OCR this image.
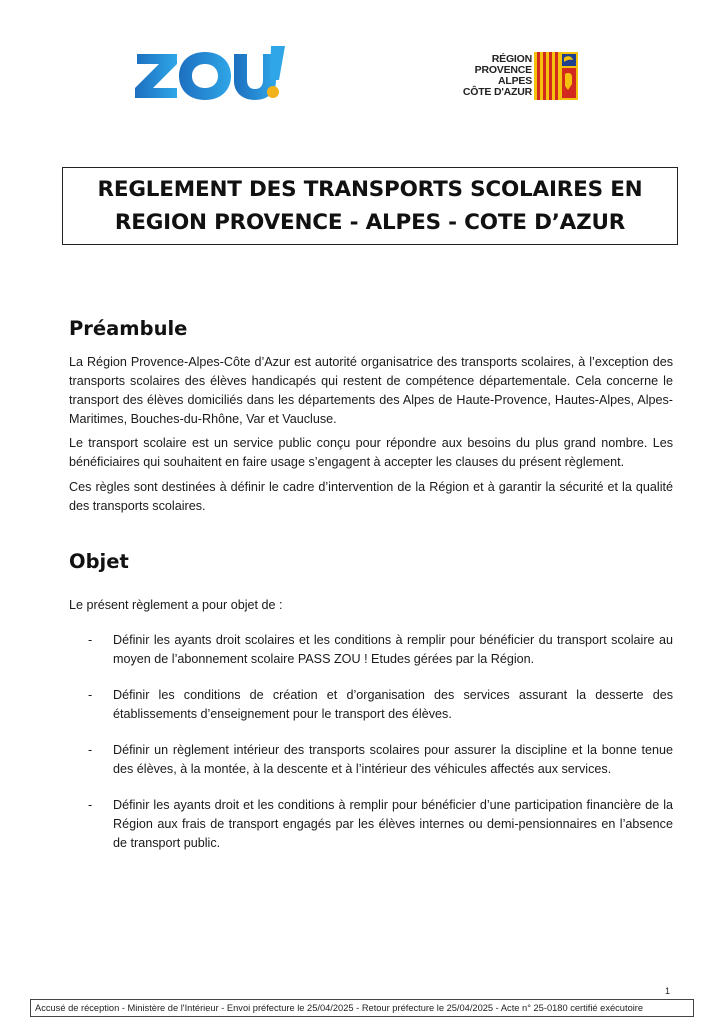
RÉGION
PROVENCE
ALPES
CÔTE D'AZUR
REGLEMENT DES TRANSPORTS SCOLAIRES EN
REGION PROVENCE - ALPES - COTE D’AZUR
Préambule
La Région Provence-Alpes-Côte d’Azur est autorité organisatrice des transports scolaires, à l’exception des transports scolaires des élèves handicapés qui restent de compétence départementale. Cela concerne le transport des élèves domiciliés dans les départements des Alpes de Haute-Provence, Hautes-Alpes, Alpes-Maritimes, Bouches-du-Rhône, Var et Vaucluse.
Le transport scolaire est un service public conçu pour répondre aux besoins du plus grand nombre. Les bénéficiaires qui souhaitent en faire usage s’engagent à accepter les clauses du présent règlement.
Ces règles sont destinées à définir le cadre d’intervention de la Région et à garantir la sécurité et la qualité des transports scolaires.
Objet
Le présent règlement a pour objet de :
-	Définir les ayants droit scolaires et les conditions à remplir pour bénéficier du transport scolaire au moyen de l’abonnement scolaire PASS ZOU ! Etudes gérées par la Région.
-	Définir les conditions de création et d’organisation des services assurant la desserte des établissements d’enseignement pour le transport des élèves.
-	Définir un règlement intérieur des transports scolaires pour assurer la discipline et la bonne tenue des élèves, à la montée, à la descente et à l’intérieur des véhicules affectés aux services.
-	Définir les ayants droit et les conditions à remplir pour bénéficier d’une participation financière de la Région aux frais de transport engagés par les élèves internes ou demi-pensionnaires en l’absence de transport public.
1
Accusé de réception - Ministère de l'Intérieur - Envoi préfecture le 25/04/2025 - Retour préfecture le 25/04/2025 - Acte n° 25-0180 certifié exécutoire
